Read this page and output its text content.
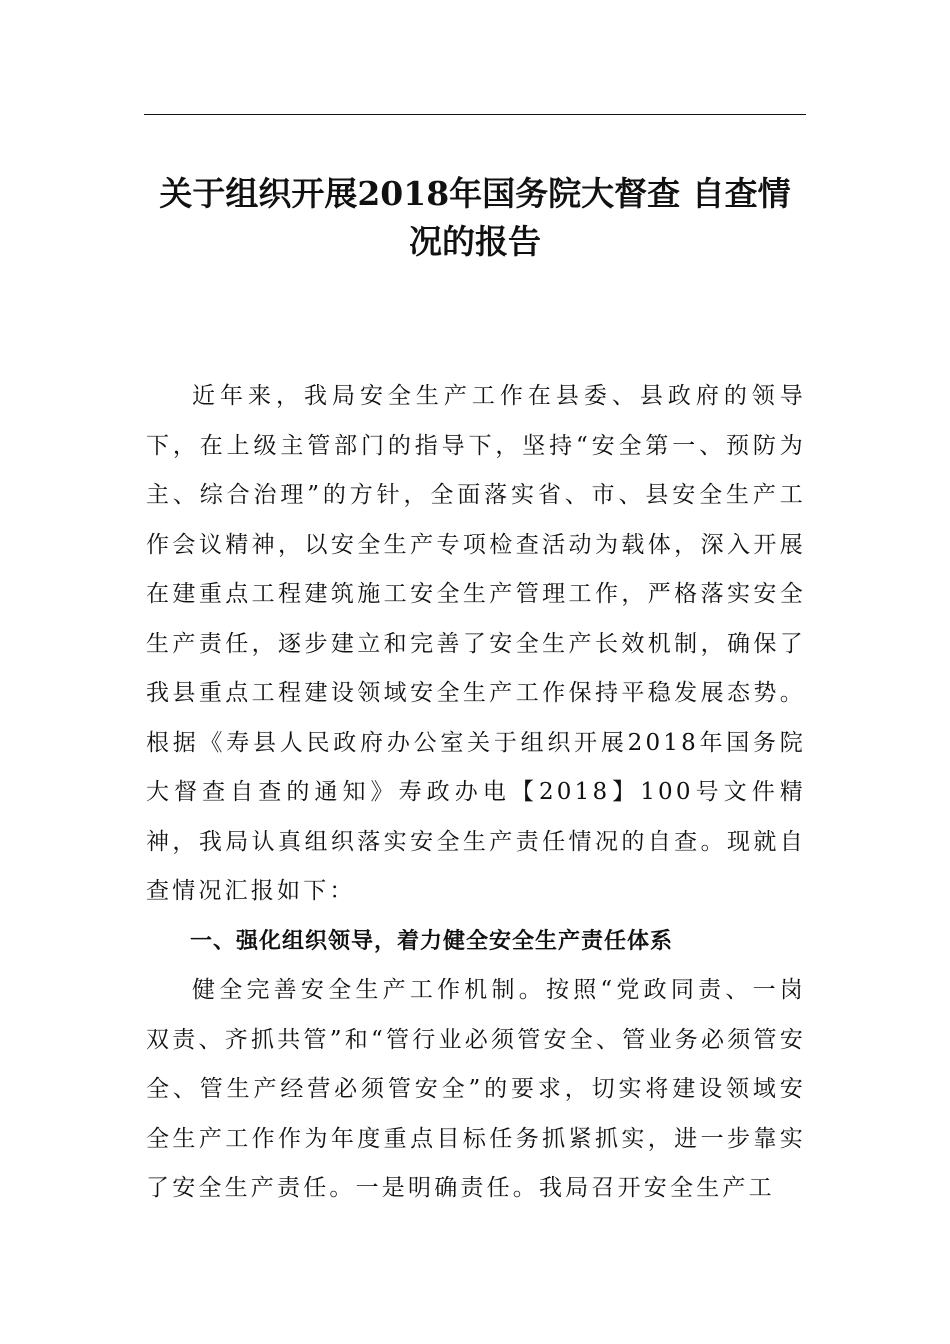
关于组织开展2018年国务院大督查 自查情况的报告

近年来，我局安全生产工作在县委、县政府的领导下，在上级主管部门的指导下，坚持“安全第一、预防为主、综合治理”的方针，全面落实省、市、县安全生产工作会议精神，以安全生产专项检查活动为载体，深入开展在建重点工程建筑施工安全生产管理工作，严格落实安全生产责任，逐步建立和完善了安全生产长效机制，确保了我县重点工程建设领域安全生产工作保持平稳发展态势。根据《寿县人民政府办公室关于组织开展2018年国务院大督查自查的通知》寿政办电【2018】100号文件精神，我局认真组织落实安全生产责任情况的自查。现就自查情况汇报如下：

一、强化组织领导，着力健全安全生产责任体系

健全完善安全生产工作机制。按照“党政同责、一岗双责、齐抓共管”和“管行业必须管安全、管业务必须管安全、管生产经营必须管安全”的要求，切实将建设领域安全生产工作作为年度重点目标任务抓紧抓实，进一步靠实了安全生产责任。一是明确责任。我局召开安全生产工
